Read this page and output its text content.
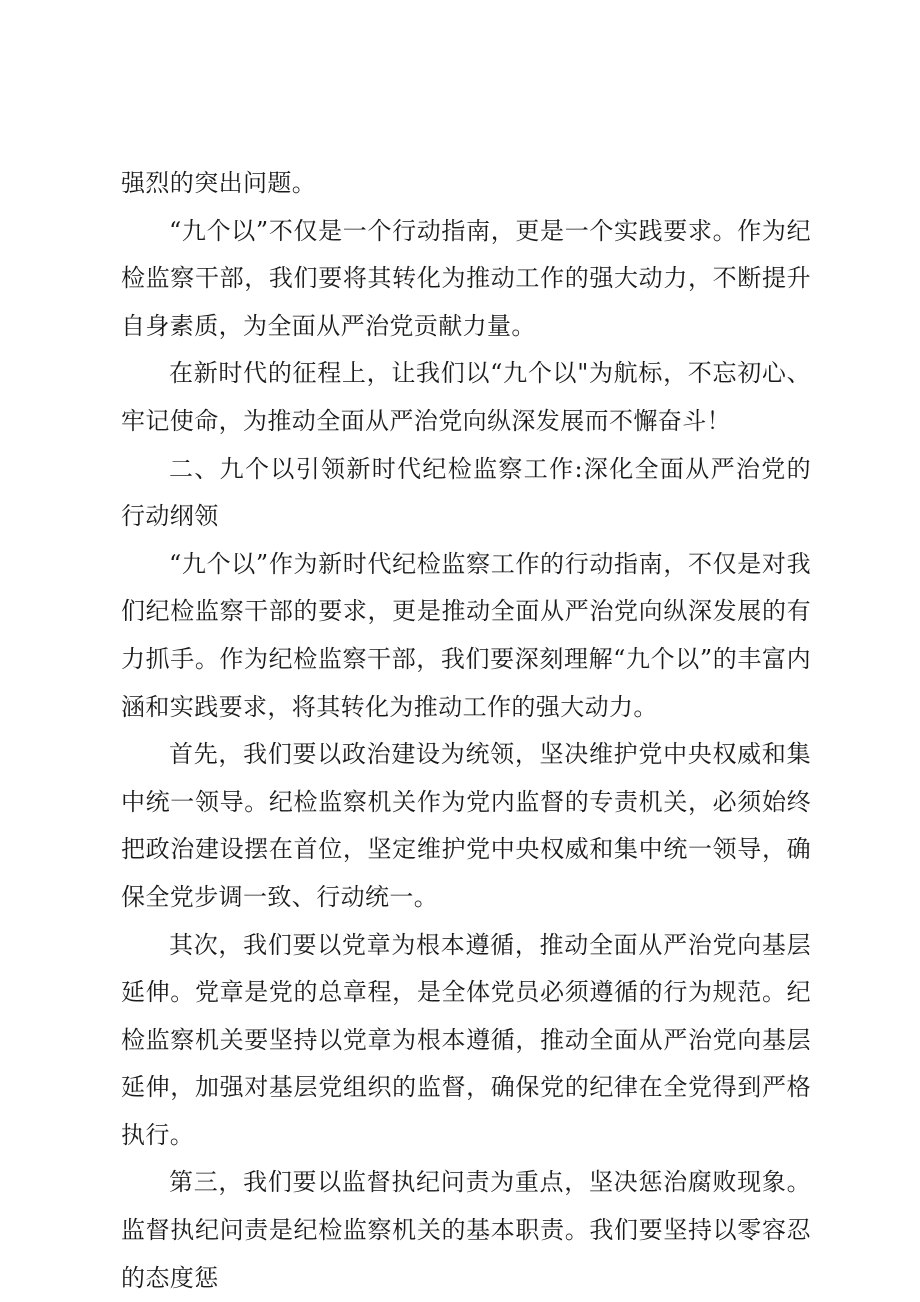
强烈的突出问题。

“九个以”不仅是一个行动指南，更是一个实践要求。作为纪检监察干部，我们要将其转化为推动工作的强大动力，不断提升自身素质，为全面从严治党贡献力量。

在新时代的征程上，让我们以“九个以"为航标，不忘初心、牢记使命，为推动全面从严治党向纵深发展而不懈奋斗！

二、九个以引领新时代纪检监察工作:深化全面从严治党的行动纲领

“九个以”作为新时代纪检监察工作的行动指南，不仅是对我们纪检监察干部的要求，更是推动全面从严治党向纵深发展的有力抓手。作为纪检监察干部，我们要深刻理解“九个以”的丰富内涵和实践要求，将其转化为推动工作的强大动力。

首先，我们要以政治建设为统领，坚决维护党中央权威和集中统一领导。纪检监察机关作为党内监督的专责机关，必须始终把政治建设摆在首位，坚定维护党中央权威和集中统一领导，确保全党步调一致、行动统一。

其次，我们要以党章为根本遵循，推动全面从严治党向基层延伸。党章是党的总章程，是全体党员必须遵循的行为规范。纪检监察机关要坚持以党章为根本遵循，推动全面从严治党向基层延伸，加强对基层党组织的监督，确保党的纪律在全党得到严格执行。

第三，我们要以监督执纪问责为重点，坚决惩治腐败现象。监督执纪问责是纪检监察机关的基本职责。我们要坚持以零容忍的态度惩
